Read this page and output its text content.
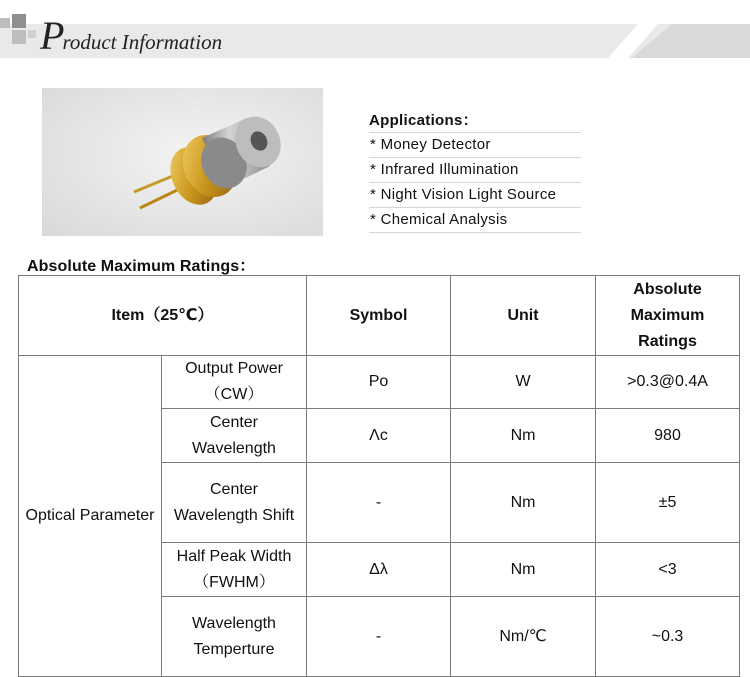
Product Information
Applications：
* Money Detector
* Infrared Illumination
* Night Vision Light Source
* Chemical Analysis
Absolute Maximum Ratings：
Item（25℃）		Symbol	Unit	Absolute Maximum Ratings
Optical Parameter	Output Power （CW）	Po	W	>0.3@0.4A
	Center Wavelength	Λc	Nm	980
	Center Wavelength Shift	-	Nm	±5
	Half Peak Width（FWHM）	Δλ	Nm	<3
	Wavelength Temperture	-	Nm/℃	~0.3
